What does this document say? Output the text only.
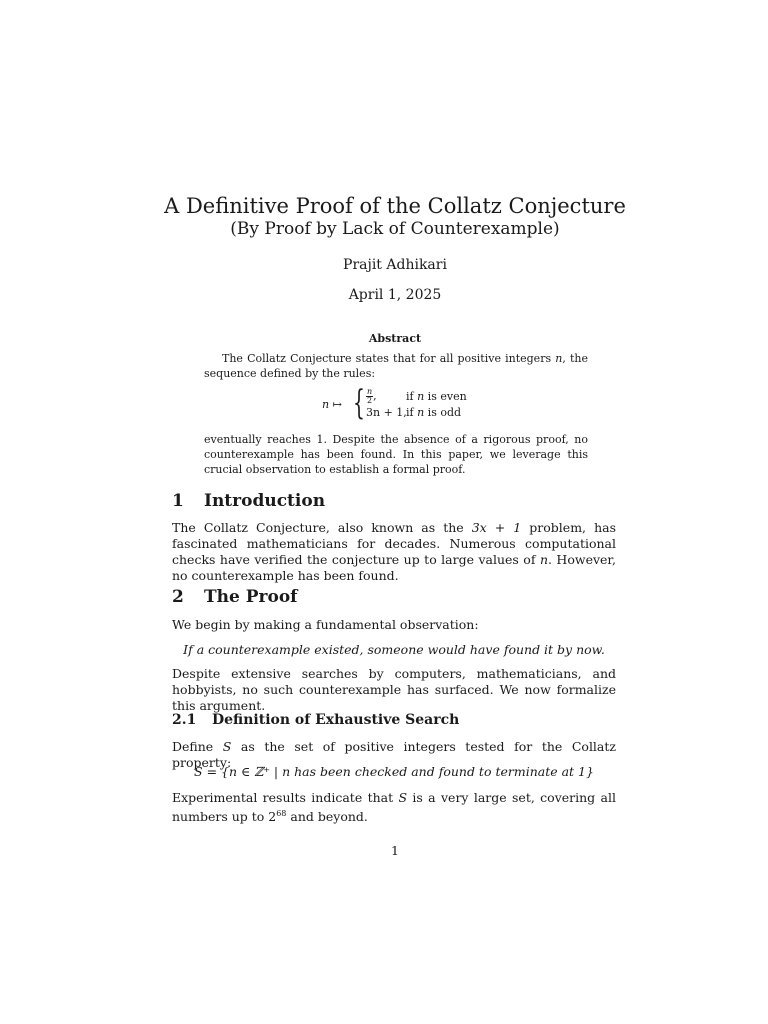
A Definitive Proof of the Collatz Conjecture
(By Proof by Lack of Counterexample)
Prajit Adhikari
April 1, 2025
Abstract
The Collatz Conjecture states that for all positive integers n, the sequence defined by the rules:
n ↦ { $\frac{n}{2}$ ,	if n is even
3n + 1, if n is odd
eventually reaches 1. Despite the absence of a rigorous proof, no counterexample has been found. In this paper, we leverage this crucial observation to establish a formal proof.
1 Introduction
The Collatz Conjecture, also known as the 3x + 1 problem, has fascinated mathematicians for decades. Numerous computational checks have verified the conjecture up to large values of n. However, no counterexample has been found.
2 The Proof
We begin by making a fundamental observation:
If a counterexample existed, someone would have found it by now.
Despite extensive searches by computers, mathematicians, and hobbyists, no such counterexample has surfaced. We now formalize this argument.
2.1 Definition of Exhaustive Search
Define S as the set of positive integers tested for the Collatz property:
S = {n ∈ ℤ⁺ | n has been checked and found to terminate at 1}
Experimental results indicate that S is a very large set, covering all numbers up to $2^{68}$ and beyond.
1
